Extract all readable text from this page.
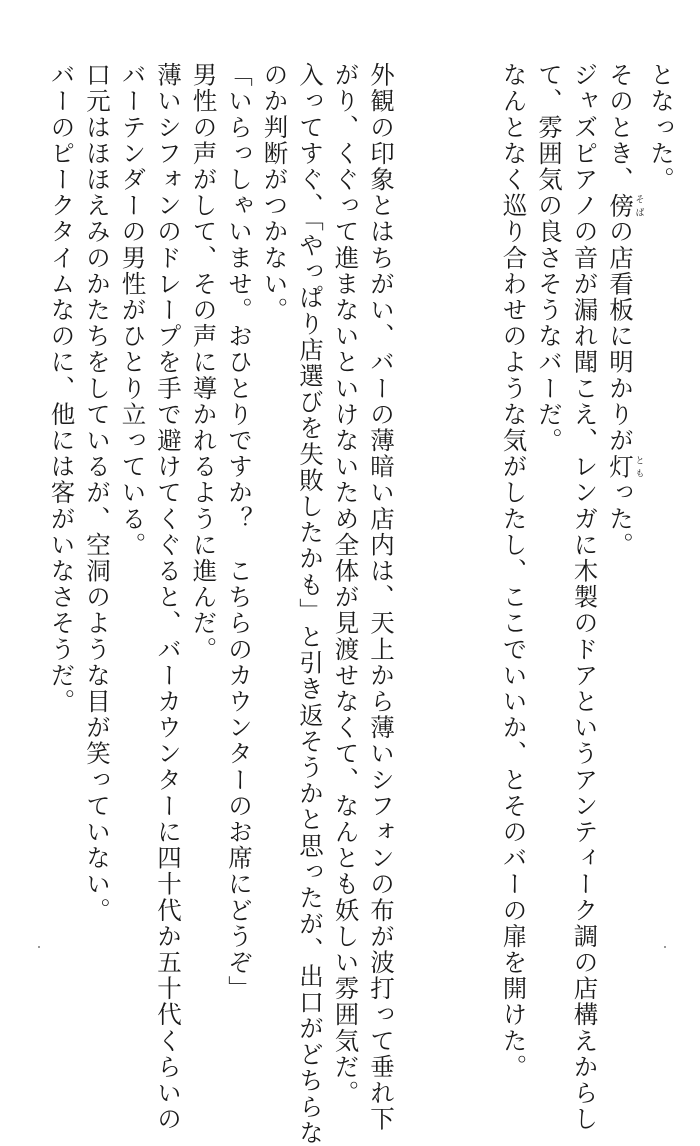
となった。
そのとき、傍そばの店看板に明かりが灯ともった。
ジャズピアノの音が漏れ聞こえ、レンガに木製のドアというアンティーク調の店構えからし
て、雰囲気の良さそうなバーだ。
なんとなく巡り合わせのような気がしたし、ここでいいか、とそのバーの扉を開けた。
外観の印象とはちがい、バーの薄暗い店内は、天上から薄いシフォンの布が波打って垂れ下
がり、くぐって進まないといけないため全体が見渡せなくて、なんとも妖しい雰囲気だ。
入ってすぐ、「やっぱり店選びを失敗したかも」と引き返そうかと思ったが、出口がどちらな
のか判断がつかない。
「いらっしゃいませ。おひとりですか？　こちらのカウンターのお席にどうぞ」
男性の声がして、その声に導かれるように進んだ。
薄いシフォンのドレープを手で避けてくぐると、バーカウンターに四十代か五十代くらいの
バーテンダーの男性がひとり立っている。
口元はほほえみのかたちをしているが、空洞のような目が笑っていない。
バーのピークタイムなのに、他には客がいなさそうだ。
